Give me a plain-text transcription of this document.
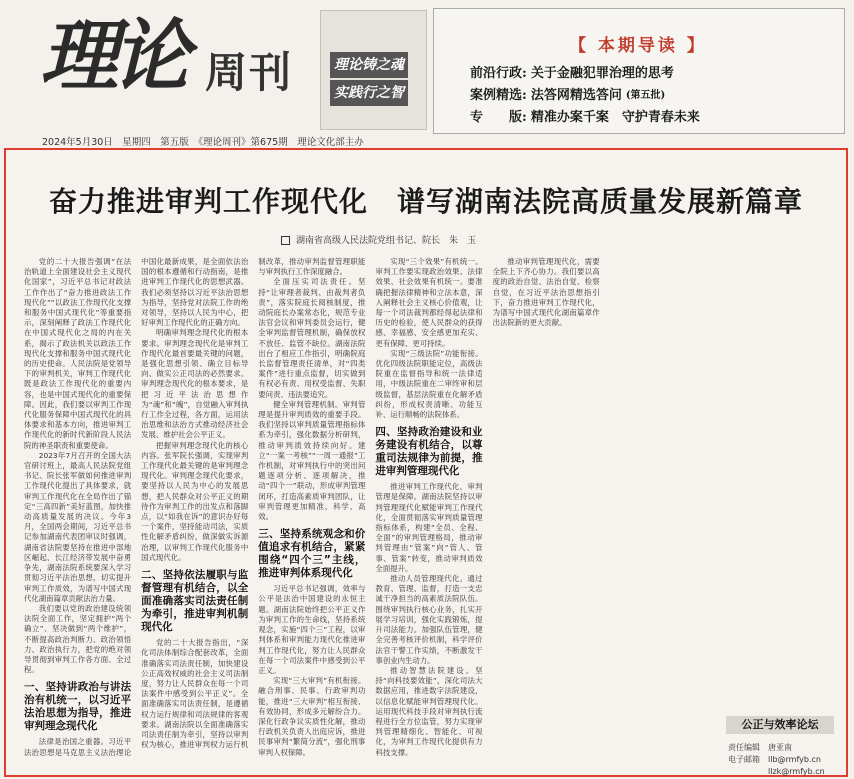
理论 周刊	理论铸之魂
实践行之智
【 本期导读 】
前沿行政: 关于金融犯罪治理的思考
案例精选: 法答网精选答问 (第五批)
专　　版: 精准办案千案　守护青春未来
2024年5月30日　星期四　第五版　《理论周刊》第675期　理论文化部主办
奋力推进审判工作现代化　谱写湖南法院高质量发展新篇章
湖南省高级人民法院党组书记、院长　朱　玉

党的二十大报告强调“在法治轨道上全面建设社会主义现代化国家”，习近平总书记对政法工作作出了“奋力推进政法工作现代化”“以政法工作现代化支撑和服务中国式现代化”等重要指示，深刻阐释了政法工作现代化在中国式现代化之局的内在关系，揭示了政法机关以政法工作现代化支撑和服务中国式现代化的历史使命。人民法院是党领导下的审判机关，审判工作现代化既是政法工作现代化的重要内容，也是中国式现代化的重要保障。因此，我们要以审判工作现代化服务保障中国式现代化的具体要求和基本方向，推进审判工作现代化的新时代新阶段人民法院的神圣职责和重要使命。

2023年7月召开的全国大法官研讨班上，最高人民法院党组书记、院长张军做如何推进审判工作现代化提出了具体要求，就审判工作现代化在全局作出了锚定“三高四新”美好蓝图，加快推动高质量发展的决议。今年3月，全国两会期间，习近平总书记参加湖南代表团审议时强调，湖南省法院要坚持在推进中部地区崛起、长江经济带发展中奋勇争先，湖南法院系统要深入学习贯彻习近平法治思想，切实提升审判工作质效，为谱写中国式现代化湖南篇章贡献法治力量。

我们要以党的政治建设统领法院全面工作，坚定拥护“两个确立”、坚决做到“两个维护”，不断提高政治判断力、政治领悟力、政治执行力，把党的绝对领导贯彻到审判工作各方面、全过程。

一、坚持讲政治与讲法治有机统一，以习近平法治思想为指导，推进审判理念现代化

法律是治国之重器。习近平法治思想是马克思主义法治理论中国化最新成果，是全面依法治国的根本遵循和行动指南，是推进审判工作现代化的思想武器。我们必须坚持以习近平法治思想为指导，坚持党对法院工作的绝对领导，坚持以人民为中心，把好审判工作现代化的正确方向。

明确审判理念现代化的根本要求。审判理念现代化是审判工作现代化最首要最关键的问题，是强化思想引领、确立目标导向、做实公正司法的必然要求。审判理念现代化的根本要求，是把习近平法治思想作为“魂”和“魄”，自觉融入审判执行工作全过程，各方面，运用法治思维和法治方式推动经济社会发展、维护社会公平正义。

把握审判理念现代化的核心内容。张军院长强调，实现审判工作现代化最关键的是审判理念现代化。审判理念现代化要求，要坚持以人民为中心的发展思想，把人民群众对公平正义的期待作为审判工作的出发点和落脚点，以“如我在诉”的意识办好每一个案件，坚持能动司法，实质性化解矛盾纠纷，做深做实诉源治理，以审判工作现代化服务中国式现代化。

二、坚持依法履职与监督管理有机结合，以全面准确落实司法责任制为牵引，推进审判机制现代化

党的二十大报告指出，“深化司法体制综合配套改革，全面准确落实司法责任制，加快建设公正高效权威的社会主义司法制度，努力让人民群众在每一个司法案件中感受到公平正义”。全面准确落实司法责任制，是遵循权力运行规律和司法规律的客观要求。湖南法院以全面准确落实司法责任制为牵引，坚持以审判权为核心，推进审判权力运行机制改革，推动审判监督管理职能与审判执行工作深度融合。

全面压实司法责任。坚持“让审理者裁判、由裁判者负责”，落实院庭长阅核制度，推动院庭长办案常态化，规范专业法官会议和审判委员会运行，健全审判监督管理机制，确保放权不放任、监管不缺位。湖南法院出台了相应工作指引，明确院庭长监督管理责任清单，对“四类案件”进行重点监督，切实做到有权必有责、用权受监督、失职要问责、违法要追究。

健全审判管理机制。审判管理是提升审判质效的重要手段。我们坚持以审判质量管理指标体系为牵引，强化数据分析研判，推动审判质效持续向好。建立“一案一考核”“一周一通报”工作机制，对审判执行中的突出问题逐项分析、逐项解决，推动“四个一”联动，形成审判管理闭环，打造高素质审判团队，让审判管理更加精准、科学、高效。

三、坚持系统观念和价值追求有机结合，紧紧围绕“四个三”主线，推进审判体系现代化

习近平总书记强调，效率与公平是法治中国建设的永恒主题。湖南法院始终把公平正义作为审判工作的生命线，坚持系统观念，实施“四个三”工程，以审判体系和审判能力现代化推进审判工作现代化，努力让人民群众在每一个司法案件中感受到公平正义。

实现“三大审判”有机衔接。融合刑事、民事、行政审判功能，推进“三大审判”相互衔接、有效协同，形成多元解纷合力。深化行政争议实质性化解，推动行政机关负责人出庭应诉，推进民事审判“繁简分流”，强化刑事审判人权保障。

实现“三个效果”有机统一。审判工作要实现政治效果、法律效果、社会效果有机统一。要准确把握法律精神和立法本意，深入阐释社会主义核心价值观，让每一个司法裁判都经得起法律和历史的检验，使人民群众的获得感、幸福感、安全感更加充实、更有保障、更可持续。

实现“三级法院”功能衔接。优化四级法院职能定位，高级法院重在监督指导和统一法律适用，中级法院重在二审终审和层级监督，基层法院重在化解矛盾纠纷，形成权责清晰、功能互补、运行顺畅的法院体系。

四、坚持政治建设和业务建设有机结合，以尊重司法规律为前提，推进审判管理现代化

推进审判工作现代化，审判管理是保障。湖南法院坚持以审判管理现代化赋能审判工作现代化，全面贯彻落实审判质量管理指标体系，构建“全员、全程、全面”的审判管理格局，推动审判管理由“管案”向“管人、管事、管案”转变，推动审判质效全面提升。

推动人员管理现代化。通过教育、管理、监督，打造一支忠诚干净担当的高素质法院队伍。围绕审判执行核心业务，扎实开展学习培训，强化实践锻炼，提升司法能力。加强队伍管理，健全完善考核评价机制，科学评价法官干警工作实绩，不断激发干事创业内生动力。

推动智慧法院建设。坚持“向科技要效能”，深化司法大数据应用，推进数字法院建设，以信息化赋能审判管理现代化。运用现代科技手段对审判执行流程进行全方位监管，努力实现审判管理精细化、智能化、可视化，为审判工作现代化提供有力科技支撑。

推动审判管理现代化，需要全院上下齐心协力。我们要以高度的政治自觉、法治自觉、检察自觉，在习近平法治思想指引下，奋力推进审判工作现代化，为谱写中国式现代化湖南篇章作出法院新的更大贡献。

公正与效率论坛
责任编辑　 唐亚南
电子邮箱　 llb@rmfyb.cn
　　　　　llzk@rmfyb.cn
